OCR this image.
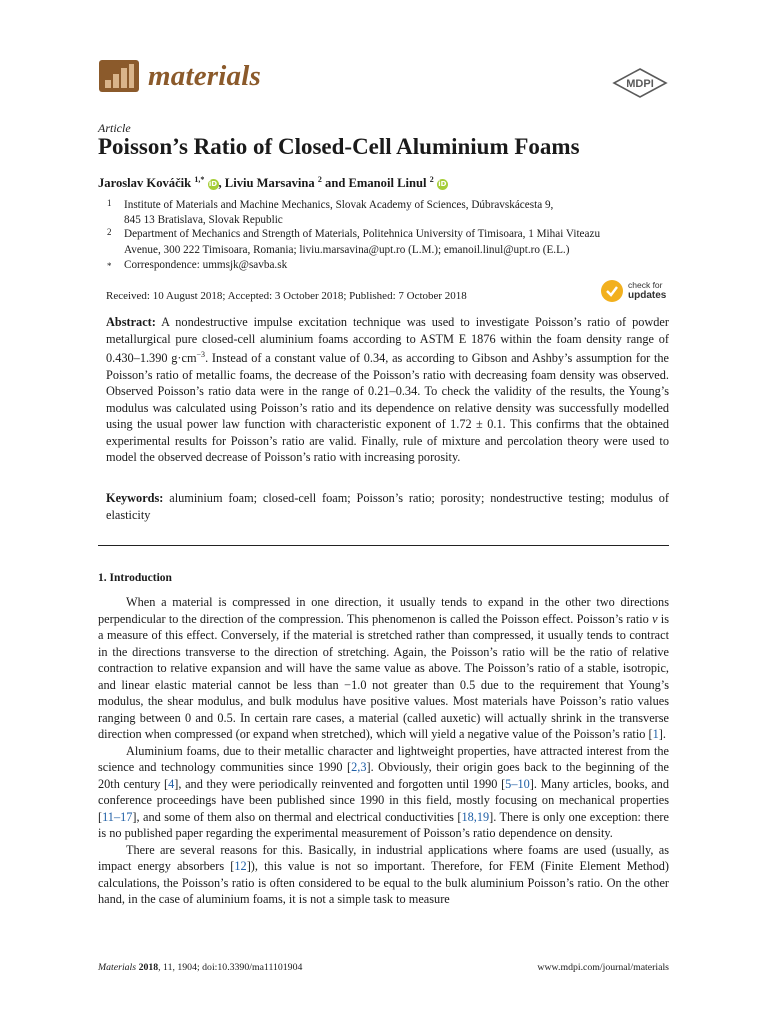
materials	MDPI
Article
Poisson’s Ratio of Closed-Cell Aluminium Foams
Jaroslav Kováčik $^{1,*}$ iD, Liviu Marsavina $^2$ and Emanoil Linul $^2$ iD
1 Institute of Materials and Machine Mechanics, Slovak Academy of Sciences, Dúbravskácesta 9,
845 13 Bratislava, Slovak Republic
2 Department of Mechanics and Strength of Materials, Politehnica University of Timisoara, 1 Mihai Viteazu
Avenue, 300 222 Timisoara, Romania; liviu.marsavina@upt.ro (L.M.); emanoil.linul@upt.ro (E.L.)
* Correspondence: ummsjk@savba.sk
Received: 10 August 2018; Accepted: 3 October 2018; Published: 7 October 2018
check for
updates

Abstract: A nondestructive impulse excitation technique was used to investigate Poisson’s ratio of powder metallurgical pure closed-cell aluminium foams according to ASTM E 1876 within the foam density range of 0.430–1.390 $g\cdot cm^{-3}$. Instead of a constant value of 0.34, as according to Gibson and Ashby’s assumption for the Poisson’s ratio of metallic foams, the decrease of the Poisson’s ratio with decreasing foam density was observed. Observed Poisson’s ratio data were in the range of 0.21–0.34. To check the validity of the results, the Young’s modulus was calculated using Poisson’s ratio and its dependence on relative density was successfully modelled using the usual power law function with characteristic exponent of 1.72 ± 0.1. This confirms that the obtained experimental results for Poisson’s ratio are valid. Finally, rule of mixture and percolation theory were used to model the observed decrease of Poisson’s ratio with increasing porosity.

Keywords: aluminium foam; closed-cell foam; Poisson’s ratio; porosity; nondestructive testing; modulus of elasticity

1. Introduction

When a material is compressed in one direction, it usually tends to expand in the other two directions perpendicular to the direction of the compression. This phenomenon is called the Poisson effect. Poisson’s ratio ν is a measure of this effect. Conversely, if the material is stretched rather than compressed, it usually tends to contract in the directions transverse to the direction of stretching. Again, the Poisson’s ratio will be the ratio of relative contraction to relative expansion and will have the same value as above. The Poisson’s ratio of a stable, isotropic, and linear elastic material cannot be less than −1.0 not greater than 0.5 due to the requirement that Young’s modulus, the shear modulus, and bulk modulus have positive values. Most materials have Poisson’s ratio values ranging between 0 and 0.5. In certain rare cases, a material (called auxetic) will actually shrink in the transverse direction when compressed (or expand when stretched), which will yield a negative value of the Poisson’s ratio [1].

Aluminium foams, due to their metallic character and lightweight properties, have attracted interest from the science and technology communities since 1990 [2,3]. Obviously, their origin goes back to the beginning of the 20th century [4], and they were periodically reinvented and forgotten until 1990 [5–10]. Many articles, books, and conference proceedings have been published since 1990 in this field, mostly focusing on mechanical properties [11–17], and some of them also on thermal and electrical conductivities [18,19]. There is only one exception: there is no published paper regarding the experimental measurement of Poisson’s ratio dependence on density.

There are several reasons for this. Basically, in industrial applications where foams are used (usually, as impact energy absorbers [12]), this value is not so important. Therefore, for FEM (Finite Element Method) calculations, the Poisson’s ratio is often considered to be equal to the bulk aluminium Poisson’s ratio. On the other hand, in the case of aluminium foams, it is not a simple task to measure

Materials 2018, 11, 1904; doi:10.3390/ma11101904	www.mdpi.com/journal/materials
